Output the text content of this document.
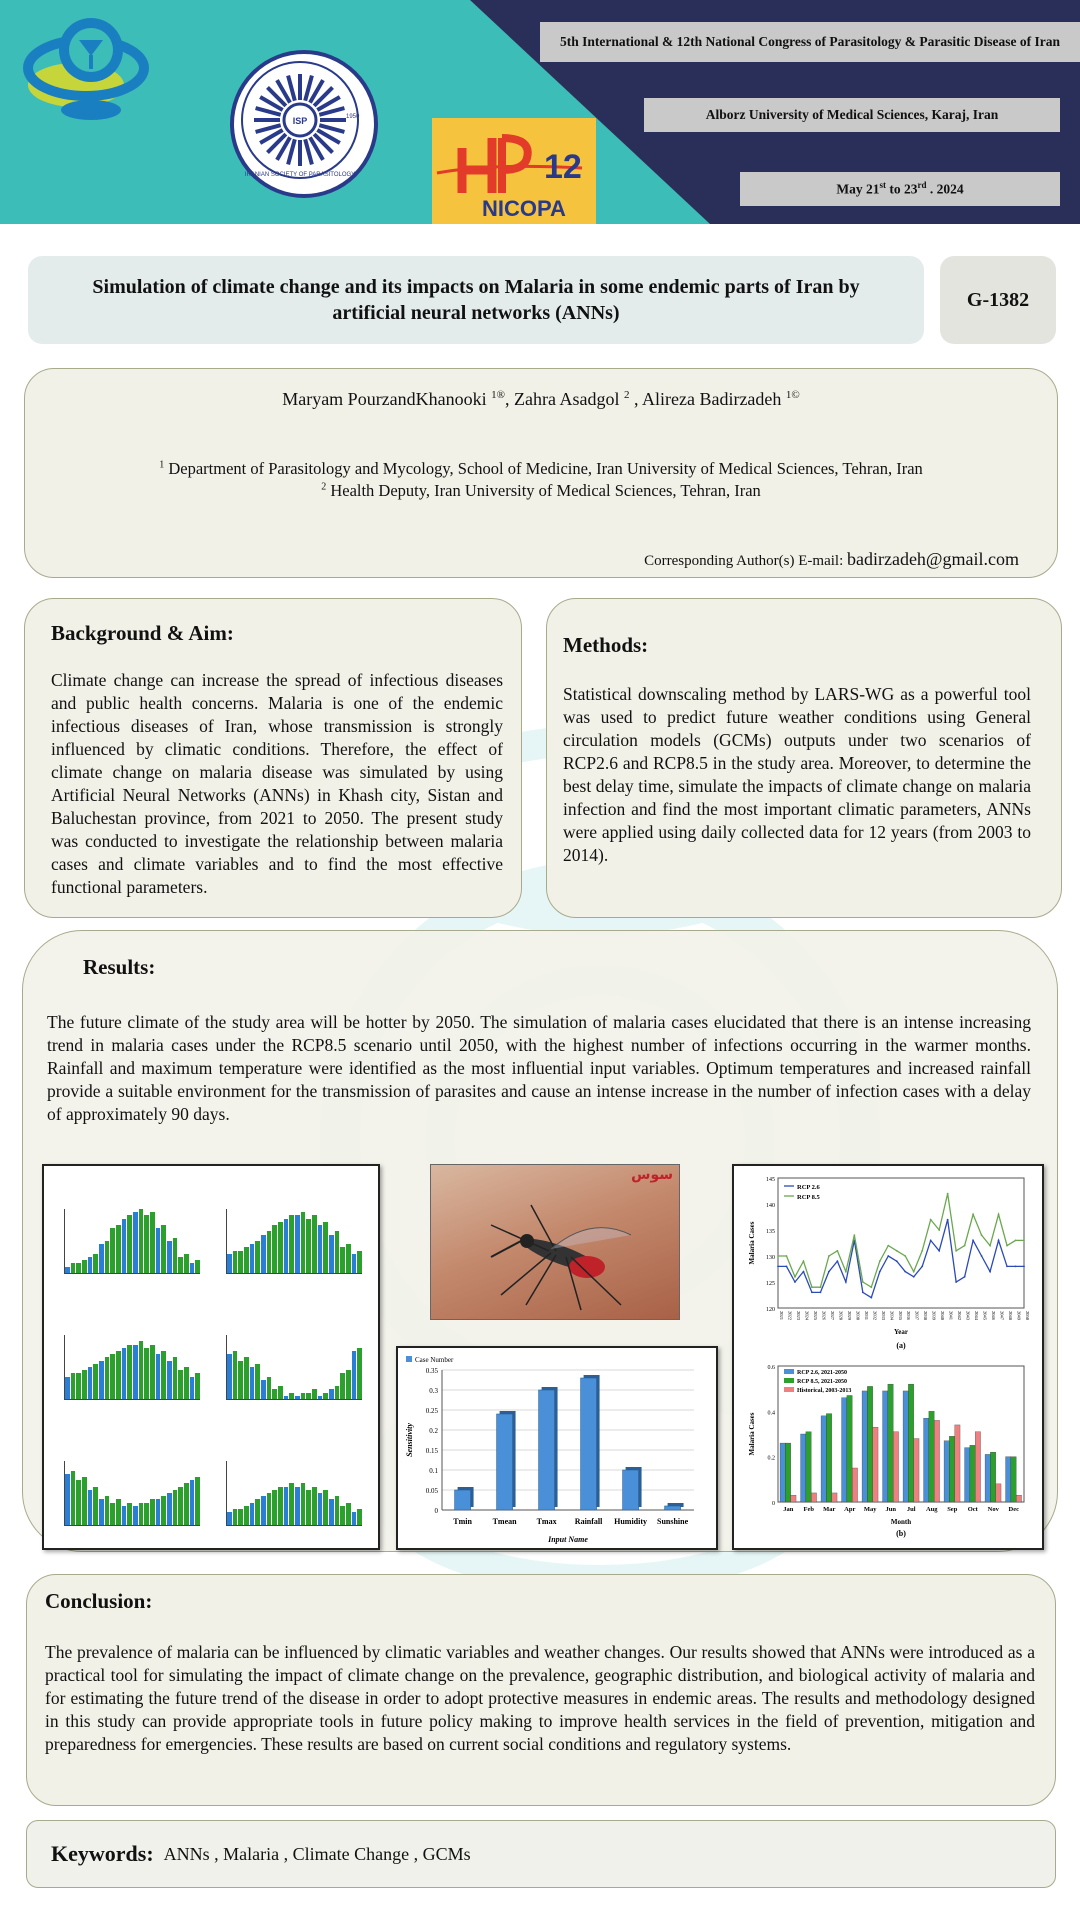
ISP
IRANIAN SOCIETY OF PARASITOLOGY
1950
12
NICOPA
5th International & 12th National Congress of Parasitology & Parasitic Disease of Iran
Alborz University of Medical Sciences, Karaj, Iran
May 21st to 23rd . 2024
Simulation of climate change and its impacts on Malaria in some endemic parts of Iran by artificial neural networks (ANNs)
G-1382
Maryam PourzandKhanooki $^{1®}$, Zahra Asadgol $^2$ , Alireza Badirzadeh $^{1©}$
$^1$ Department of Parasitology and Mycology, School of Medicine, Iran University of Medical Sciences, Tehran, Iran
$^2$ Health Deputy, Iran University of Medical Sciences, Tehran, Iran
Corresponding Author(s) E-mail: badirzadeh@gmail.com
Background & Aim:
Climate change can increase the spread of infectious diseases and public health concerns. Malaria is one of the endemic infectious diseases of Iran, whose transmission is strongly influenced by climatic conditions. Therefore, the effect of climate change on malaria disease was simulated by using Artificial Neural Networks (ANNs) in Khash city, Sistan and Baluchestan province, from 2021 to 2050. The present study was conducted to investigate the relationship between malaria cases and climate variables and to find the most effective functional parameters.
Methods:
Statistical downscaling method by LARS-WG as a powerful tool was used to predict future weather conditions using General circulation models (GCMs) outputs under two scenarios of RCP2.6 and RCP8.5 in the study area. Moreover, to determine the best delay time, simulate the impacts of climate change on malaria infection and find the most important climatic parameters, ANNs were applied using daily collected data for 12 years (from 2003 to 2014).
Results:
The future climate of the study area will be hotter by 2050. The simulation of malaria cases elucidated that there is an intense increasing trend in malaria cases under the RCP8.5 scenario until 2050, with the highest number of infections occurring in the warmer months. Rainfall and maximum temperature were identified as the most influential input variables. Optimum temperatures and increased rainfall provide a suitable environment for the transmission of parasites and cause an intense increase in the number of infection cases with a delay of approximately 90 days.
سوس
Case Number
0
0.05
0.1
0.15
0.2
0.25
0.3
0.35
Tmin	Tmean	Tmax Rainfall Humidity Sunshine
Input Name
Sensitivity
120
125
130
135
140
145
2021 2022 2023 2024 2025 2026 2027 2028 2029 2030 2031 2032 2033 2034 2035 2036 2037 2038 2039 2040 2041 2042 2043 2044 2045 2046 2047 2048 2049 2050
RCP 2.6
RCP 8.5
Year
(a)
Malaria Cases
0
0.2
0.4
0.6
Jan Feb Mar Apr May Jun Jul Aug Sep Oct Nov Dec
RCP 2.6, 2021-2050
RCP 8.5, 2021-2050
Historical, 2003-2013
Month
(b)
Malaria Cases
Conclusion:
The prevalence of malaria can be influenced by climatic variables and weather changes. Our results showed that ANNs were introduced as a practical tool for simulating the impact of climate change on the prevalence, geographic distribution, and biological activity of malaria and for estimating the future trend of the disease in order to adopt protective measures in endemic areas. The results and methodology designed in this study can provide appropriate tools in future policy making to improve health services in the field of prevention, mitigation and preparedness for emergencies. These results are based on current social conditions and regulatory systems.
Keywords: ANNs , Malaria , Climate Change , GCMs
